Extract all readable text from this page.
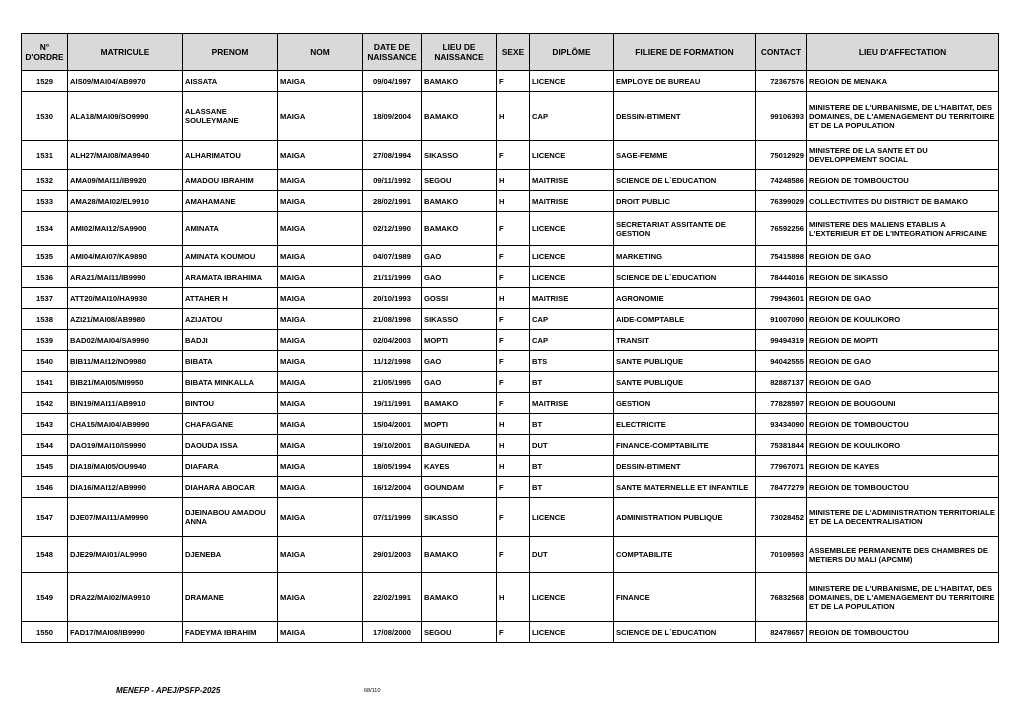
N° D'ORDRE	MATRICULE	PRENOM	NOM	DATE DE NAISSANCE	LIEU DE NAISSANCE	SEXE	DIPLÔME	FILIERE DE FORMATION	CONTACT	LIEU D'AFFECTATION
1529	AIS09/MAI04/AB9970	AISSATA	MAIGA	09/04/1997	BAMAKO	F	LICENCE	EMPLOYE DE BUREAU	72367576	REGION DE MENAKA
1530	ALA18/MAI09/SO9990	ALASSANE SOULEYMANE	MAIGA	18/09/2004	BAMAKO	H	CAP	DESSIN-BTIMENT	99106393	MINISTERE DE L'URBANISME, DE L'HABITAT, DES DOMAINES, DE L'AMENAGEMENT DU TERRITOIRE ET DE LA POPULATION
1531	ALH27/MAI08/MA9940	ALHARIMATOU	MAIGA	27/08/1994	SIKASSO	F	LICENCE	SAGE-FEMME	75012929	MINISTERE DE LA SANTE ET DU DEVELOPPEMENT SOCIAL
1532	AMA09/MAI11/IB9920	AMADOU IBRAHIM	MAIGA	09/11/1992	SEGOU	H	MAITRISE	SCIENCE DE L`EDUCATION	74248586	REGION DE TOMBOUCTOU
1533	AMA28/MAI02/EL9910	AMAHAMANE	MAIGA	28/02/1991	BAMAKO	H	MAITRISE	DROIT PUBLIC	76399029	COLLECTIVITES DU DISTRICT DE BAMAKO
1534	AMI02/MAI12/SA9900	AMINATA	MAIGA	02/12/1990	BAMAKO	F	LICENCE	SECRETARIAT ASSITANTE DE GESTION	76592256	MINISTERE DES MALIENS ETABLIS A L'EXTERIEUR ET DE L'INTEGRATION AFRICAINE
1535	AMI04/MAI07/KA9890	AMINATA KOUMOU	MAIGA	04/07/1989	GAO	F	LICENCE	MARKETING	75415898	REGION DE GAO
1536	ARA21/MAI11/IB9990	ARAMATA IBRAHIMA	MAIGA	21/11/1999	GAO	F	LICENCE	SCIENCE DE L`EDUCATION	78444016	REGION DE SIKASSO
1537	ATT20/MAI10/HA9930	ATTAHER H	MAIGA	20/10/1993	GOSSI	H	MAITRISE	AGRONOMIE	79943601	REGION DE GAO
1538	AZI21/MAI08/AB9980	AZIJATOU	MAIGA	21/08/1998	SIKASSO	F	CAP	AIDE-COMPTABLE	91007090	REGION DE KOULIKORO
1539	BAD02/MAI04/SA9990	BADJI	MAIGA	02/04/2003	MOPTI	F	CAP	TRANSIT	99494319	REGION DE MOPTI
1540	BIB11/MAI12/NO9980	BIBATA	MAIGA	11/12/1998	GAO	F	BTS	SANTE PUBLIQUE	94042555	REGION DE GAO
1541	BIB21/MAI05/MI9950	BIBATA MINKALLA	MAIGA	21/05/1995	GAO	F	BT	SANTE PUBLIQUE	82887137	REGION DE GAO
1542	BIN19/MAI11/AB9910	BINTOU	MAIGA	19/11/1991	BAMAKO	F	MAITRISE	GESTION	77828597	REGION DE BOUGOUNI
1543	CHA15/MAI04/AB9990	CHAFAGANE	MAIGA	15/04/2001	MOPTI	H	BT	ELECTRICITE	93434090	REGION DE TOMBOUCTOU
1544	DAO19/MAI10/IS9990	DAOUDA ISSA	MAIGA	19/10/2001	BAGUINEDA	H	DUT	FINANCE-COMPTABILITE	75381844	REGION DE KOULIKORO
1545	DIA18/MAI05/OU9940	DIAFARA	MAIGA	18/05/1994	KAYES	H	BT	DESSIN-BTIMENT	77967071	REGION DE KAYES
1546	DIA16/MAI12/AB9990	DIAHARA ABOCAR	MAIGA	16/12/2004	GOUNDAM	F	BT	SANTE MATERNELLE ET INFANTILE	78477279	REGION DE TOMBOUCTOU
1547	DJE07/MAI11/AM9990	DJEINABOU AMADOU ANNA	MAIGA	07/11/1999	SIKASSO	F	LICENCE	ADMINISTRATION PUBLIQUE	73028452	MINISTERE DE L'ADMINISTRATION TERRITORIALE ET DE LA DECENTRALISATION
1548	DJE29/MAI01/AL9990	DJENEBA	MAIGA	29/01/2003	BAMAKO	F	DUT	COMPTABILITE	70109593	ASSEMBLEE PERMANENTE DES CHAMBRES DE METIERS DU MALI (APCMM)
1549	DRA22/MAI02/MA9910	DRAMANE	MAIGA	22/02/1991	BAMAKO	H	LICENCE	FINANCE	76832568	MINISTERE DE L'URBANISME, DE L'HABITAT, DES DOMAINES, DE L'AMENAGEMENT DU TERRITOIRE ET DE LA POPULATION
1550	FAD17/MAI08/IB9990	FADEYMA IBRAHIM	MAIGA	17/08/2000	SEGOU	F	LICENCE	SCIENCE DE L`EDUCATION	82478657	REGION DE TOMBOUCTOU
MENEFP - APEJ/PSFP-2025	68/110
